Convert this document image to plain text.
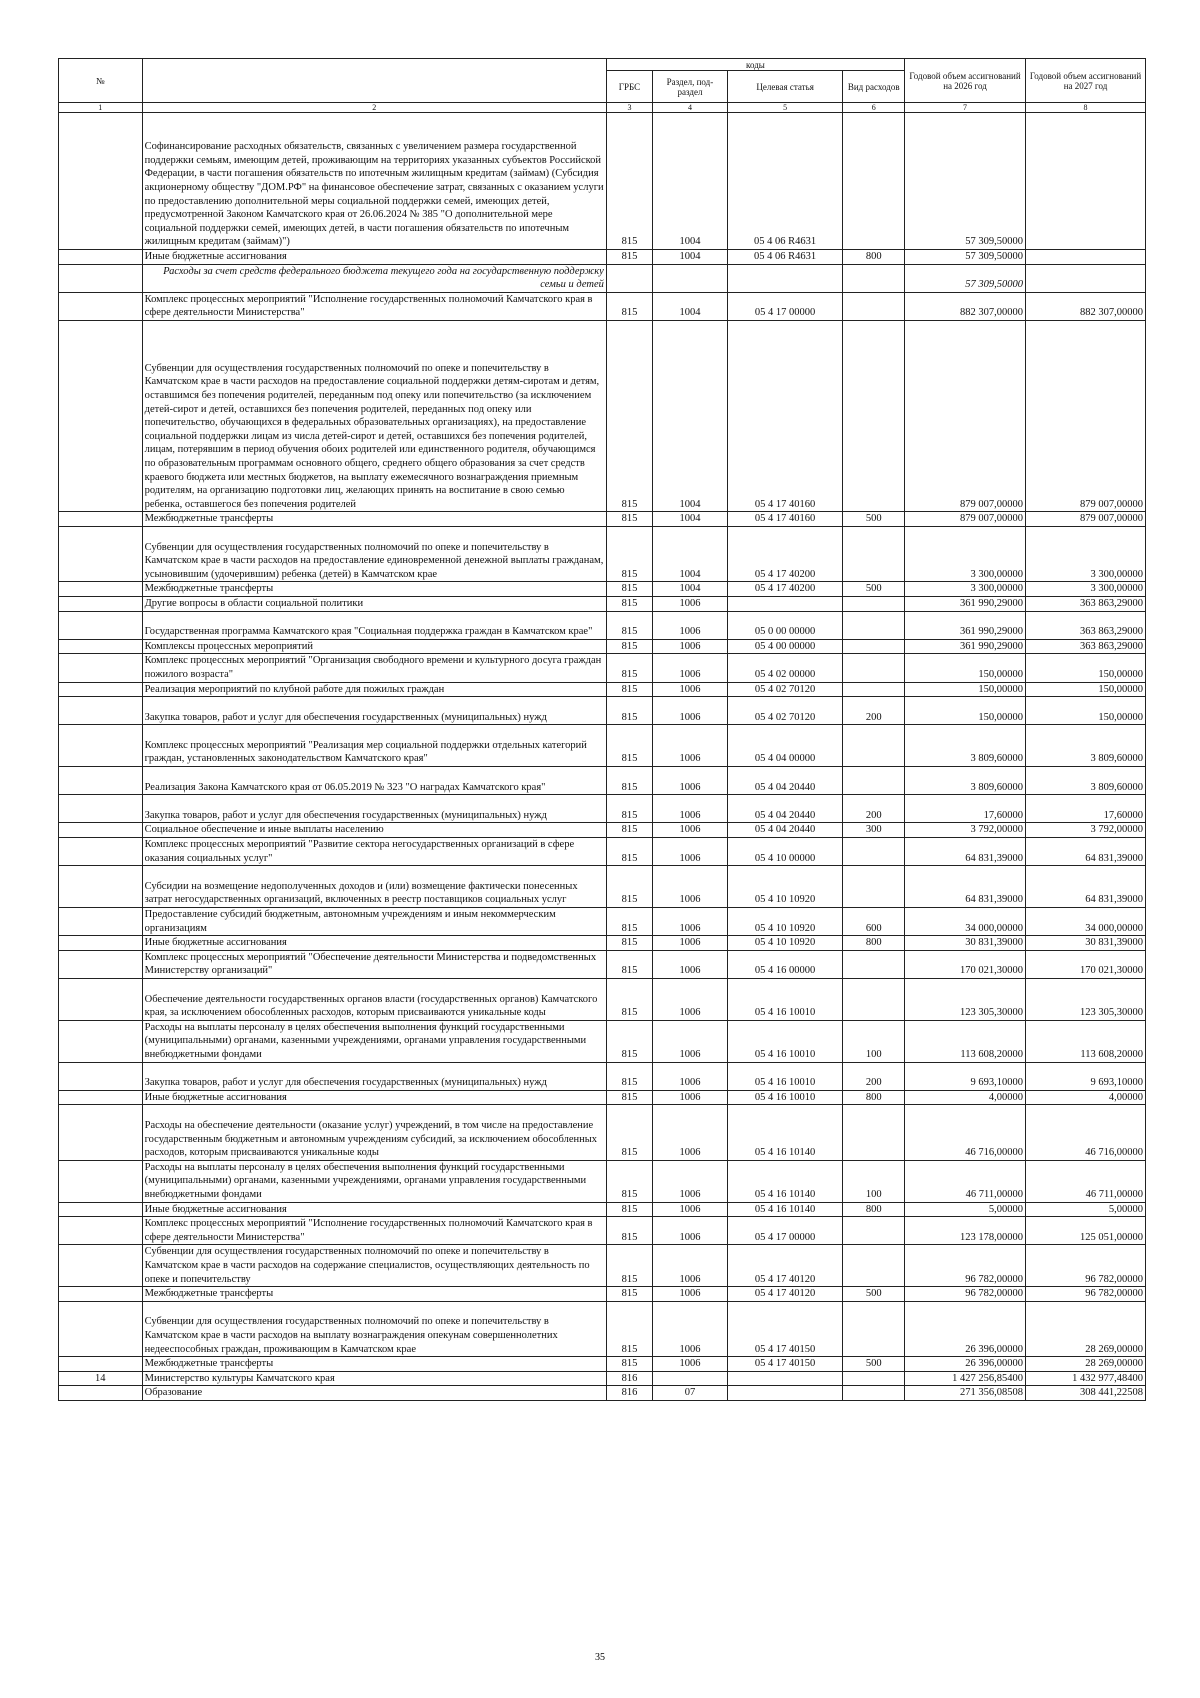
№		коды				Годовой объем ассигнований на 2026 год	Годовой объем ассигнований на 2027 год
		ГРБС	Раздел, под-раздел	Целевая статья	Вид расходов		
1	2	3	4	5	6	7	8
	Софинансирование расходных обязательств, связанных с увеличением размера государственной поддержки семьям, имеющим детей, проживающим на территориях указанных субъектов Российской Федерации, в части погашения обязательств по ипотечным жилищным кредитам (займам) (Субсидия акционерному обществу "ДОМ.РФ" на финансовое обеспечение затрат, связанных с оказанием услуги по предоставлению дополнительной меры социальной поддержки семей, имеющих детей, предусмотренной Законом Камчатского края от 26.06.2024 № 385 "О дополнительной мере социальной поддержки семей, имеющих детей, в части погашения обязательств по ипотечным жилищным кредитам (займам)")	815	1004	05 4 06 R4631		57 309,50000	
	Иные бюджетные ассигнования	815	1004	05 4 06 R4631	800	57 309,50000	
	Расходы за счет средств федерального бюджета текущего года на государственную поддержку семьи и детей					57 309,50000	
	Комплекс процессных мероприятий "Исполнение государственных полномочий Камчатского края в сфере деятельности Министерства"	815	1004	05 4 17 00000		882 307,00000	882 307,00000
	Субвенции для осуществления государственных полномочий по опеке и попечительству в Камчатском крае в части расходов на предоставление социальной поддержки детям-сиротам и детям, оставшимся без попечения родителей, переданным под опеку или попечительство (за исключением детей-сирот и детей, оставшихся без попечения родителей, переданных под опеку или попечительство, обучающихся в федеральных образовательных организациях), на предоставление социальной поддержки лицам из числа детей-сирот и детей, оставшихся без попечения родителей, лицам, потерявшим в период обучения обоих родителей или единственного родителя, обучающимся по образовательным программам основного общего, среднего общего образования за счет средств краевого бюджета или местных бюджетов, на выплату ежемесячного вознаграждения приемным родителям, на организацию подготовки лиц, желающих принять на воспитание в свою семью ребенка, оставшегося без попечения родителей	815	1004	05 4 17 40160		879 007,00000	879 007,00000
	Межбюджетные трансферты	815	1004	05 4 17 40160	500	879 007,00000	879 007,00000
	Субвенции для осуществления государственных полномочий по опеке и попечительству в Камчатском крае в части расходов на предоставление единовременной денежной выплаты гражданам, усыновившим (удочерившим) ребенка (детей) в Камчатском крае	815	1004	05 4 17 40200		3 300,00000	3 300,00000
	Межбюджетные трансферты	815	1004	05 4 17 40200	500	3 300,00000	3 300,00000
	Другие вопросы в области социальной политики	815	1006			361 990,29000	363 863,29000
	Государственная программа Камчатского края "Социальная поддержка граждан в Камчатском крае"	815	1006	05 0 00 00000		361 990,29000	363 863,29000
	Комплексы процессных мероприятий	815	1006	05 4 00 00000		361 990,29000	363 863,29000
	Комплекс процессных мероприятий "Организация свободного времени и культурного досуга граждан пожилого возраста"	815	1006	05 4 02 00000		150,00000	150,00000
	Реализация мероприятий по клубной работе для пожилых граждан	815	1006	05 4 02 70120		150,00000	150,00000
	Закупка товаров, работ и услуг для обеспечения государственных (муниципальных) нужд	815	1006	05 4 02 70120	200	150,00000	150,00000
	Комплекс процессных мероприятий "Реализация мер социальной поддержки отдельных категорий граждан, установленных законодательством Камчатского края"	815	1006	05 4 04 00000		3 809,60000	3 809,60000
	Реализация Закона Камчатского края от 06.05.2019 № 323 "О наградах Камчатского края"	815	1006	05 4 04 20440		3 809,60000	3 809,60000
	Закупка товаров, работ и услуг для обеспечения государственных (муниципальных) нужд	815	1006	05 4 04 20440	200	17,60000	17,60000
	Социальное обеспечение и иные выплаты населению	815	1006	05 4 04 20440	300	3 792,00000	3 792,00000
	Комплекс процессных мероприятий "Развитие сектора негосударственных организаций в сфере оказания социальных услуг"	815	1006	05 4 10 00000		64 831,39000	64 831,39000
	Субсидии на возмещение недополученных доходов и (или) возмещение фактически понесенных затрат негосударственных организаций, включенных в реестр поставщиков социальных услуг	815	1006	05 4 10 10920		64 831,39000	64 831,39000
	Предоставление субсидий бюджетным, автономным учреждениям и иным некоммерческим организациям	815	1006	05 4 10 10920	600	34 000,00000	34 000,00000
	Иные бюджетные ассигнования	815	1006	05 4 10 10920	800	30 831,39000	30 831,39000
	Комплекс процессных мероприятий "Обеспечение деятельности Министерства и подведомственных Министерству организаций"	815	1006	05 4 16 00000		170 021,30000	170 021,30000
	Обеспечение деятельности государственных органов власти (государственных органов) Камчатского края, за исключением обособленных расходов, которым присваиваются уникальные коды	815	1006	05 4 16 10010		123 305,30000	123 305,30000
	Расходы на выплаты персоналу в целях обеспечения выполнения функций государственными (муниципальными) органами, казенными учреждениями, органами управления государственными внебюджетными фондами	815	1006	05 4 16 10010	100	113 608,20000	113 608,20000
	Закупка товаров, работ и услуг для обеспечения государственных (муниципальных) нужд	815	1006	05 4 16 10010	200	9 693,10000	9 693,10000
	Иные бюджетные ассигнования	815	1006	05 4 16 10010	800	4,00000	4,00000
	Расходы на обеспечение деятельности (оказание услуг) учреждений, в том числе на предоставление государственным бюджетным и автономным учреждениям субсидий, за исключением обособленных расходов, которым присваиваются уникальные коды	815	1006	05 4 16 10140		46 716,00000	46 716,00000
	Расходы на выплаты персоналу в целях обеспечения выполнения функций государственными (муниципальными) органами, казенными учреждениями, органами управления государственными внебюджетными фондами	815	1006	05 4 16 10140	100	46 711,00000	46 711,00000
	Иные бюджетные ассигнования	815	1006	05 4 16 10140	800	5,00000	5,00000
	Комплекс процессных мероприятий "Исполнение государственных полномочий Камчатского края в сфере деятельности Министерства"	815	1006	05 4 17 00000		123 178,00000	125 051,00000
	Субвенции для осуществления государственных полномочий по опеке и попечительству в Камчатском крае в части расходов на содержание специалистов, осуществляющих деятельность по опеке и попечительству	815	1006	05 4 17 40120		96 782,00000	96 782,00000
	Межбюджетные трансферты	815	1006	05 4 17 40120	500	96 782,00000	96 782,00000
	Субвенции для осуществления государственных полномочий по опеке и попечительству в Камчатском крае в части расходов на выплату вознаграждения опекунам совершеннолетних недееспособных граждан, проживающим в Камчатском крае	815	1006	05 4 17 40150		26 396,00000	28 269,00000
	Межбюджетные трансферты	815	1006	05 4 17 40150	500	26 396,00000	28 269,00000
14	Министерство культуры Камчатского края	816				1 427 256,85400	1 432 977,48400
	Образование	816	07			271 356,08508	308 441,22508
35
